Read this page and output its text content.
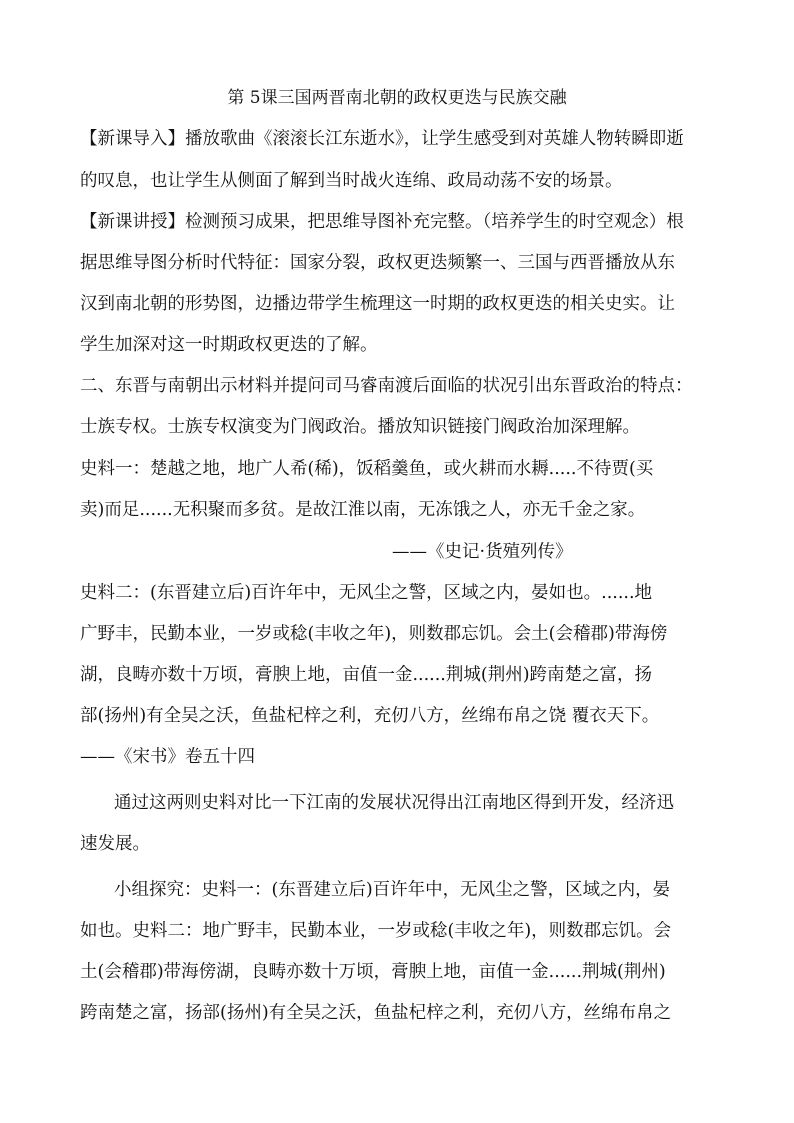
第 5课三国两晋南北朝的政权更迭与民族交融
【新课导入】播放歌曲《滚滚长江东逝水》，让学生感受到对英雄人物转瞬即逝
的叹息，也让学生从侧面了解到当时战火连绵、政局动荡不安的场景。
【新课讲授】检测预习成果，把思维导图补充完整。（培养学生的时空观念）根
据思维导图分析时代特征：国家分裂，政权更迭频繁一、三国与西晋播放从东
汉到南北朝的形势图，边播边带学生梳理这一时期的政权更迭的相关史实。让
学生加深对这一时期政权更迭的了解。
二、东晋与南朝出示材料并提问司马睿南渡后面临的状况引出东晋政治的特点：
士族专权。士族专权演变为门阀政治。播放知识链接门阀政治加深理解。
史料一：楚越之地，地广人希(稀)，饭稻羹鱼，或火耕而水耨.....不待贾(买
卖)而足......无积聚而多贫。是故江淮以南，无冻饿之人，亦无千金之家。
——《史记·货殖列传》
史料二：(东晋建立后)百许年中，无风尘之警，区域之内，晏如也。......地
广野丰，民勤本业，一岁或稔(丰收之年)，则数郡忘饥。会土(会稽郡)带海傍
湖，良畴亦数十万顷，膏腴上地，亩值一金......荆城(荆州)跨南楚之富，扬
部(扬州)有全吴之沃，鱼盐杞梓之利，充仞八方，丝绵布帛之饶 覆衣天下。
——《宋书》卷五十四
通过这两则史料对比一下江南的发展状况得出江南地区得到开发，经济迅
速发展。
小组探究：史料一：(东晋建立后)百许年中，无风尘之警，区域之内，晏
如也。史料二：地广野丰，民勤本业，一岁或稔(丰收之年)，则数郡忘饥。会
土(会稽郡)带海傍湖，良畴亦数十万顷，膏腴上地，亩值一金......荆城(荆州)
跨南楚之富，扬部(扬州)有全吴之沃，鱼盐杞梓之利，充仞八方，丝绵布帛之
